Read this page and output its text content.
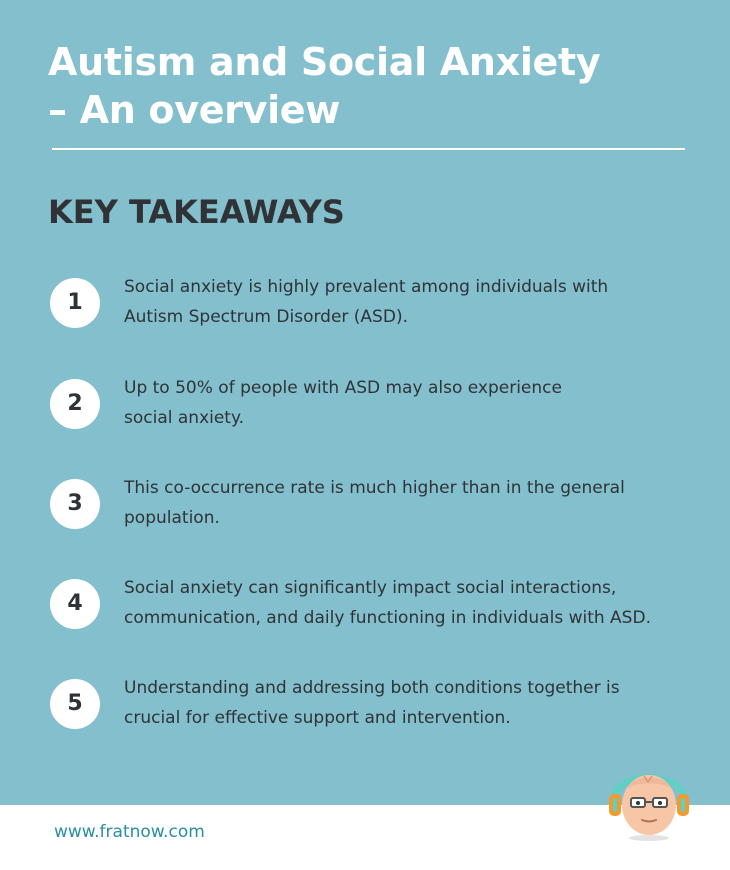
Autism and Social Anxiety
– An overview
KEY TAKEAWAYS
1
Social anxiety is highly prevalent among individuals with
Autism Spectrum Disorder (ASD).
2
Up to 50% of people with ASD may also experience
social anxiety.
3
This co-occurrence rate is much higher than in the general
population.
4
Social anxiety can significantly impact social interactions,
communication, and daily functioning in individuals with ASD.
5
Understanding and addressing both conditions together is
crucial for effective support and intervention.
www.fratnow.com
